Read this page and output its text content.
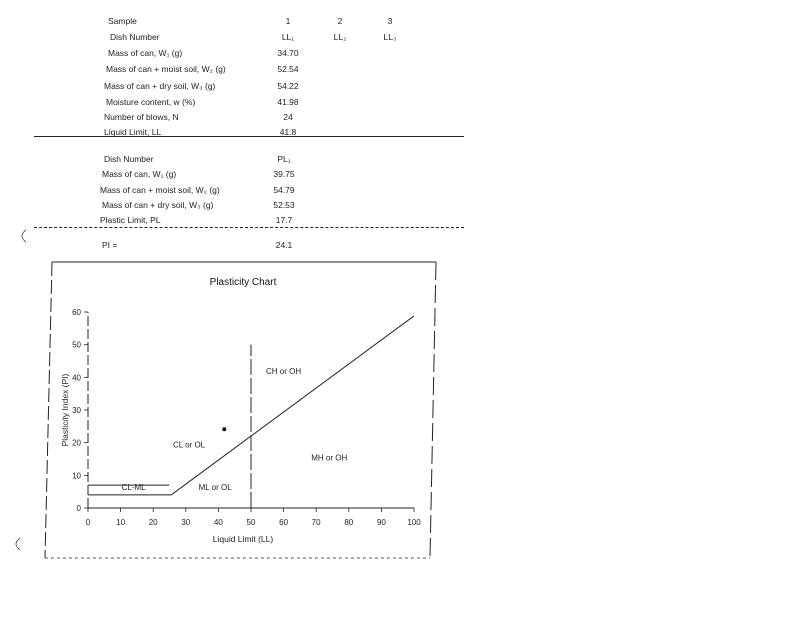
Sample	1	2	3
Dish Number	LL₁	LL₂	LL₃
Mass of can, W₁ (g)	34.70
Mass of can + moist soil, W₂ (g)	52.54
Mass of can + dry soil, W₃ (g)	54.22
Moisture content, w (%)	41.98
Number of blows, N	24
Liquid Limit, LL	41.8
Dish Number	PL₁
Mass of can, W₁ (g)	39.75
Mass of can + moist soil, W₂ (g)	54.79
Mass of can + dry soil, W₃ (g)	52.53
Plastic Limit, PL	17.7
PI =	24.1
Plasticity Chart
0	10	20	30	40	50	60	70	80	90	100
0
10
20
30
40
50
60
Liquid Limit (LL)
Plasticity Index (PI)	CL or OL
CH or OH
MH or OH
ML or OL
CL-ML
